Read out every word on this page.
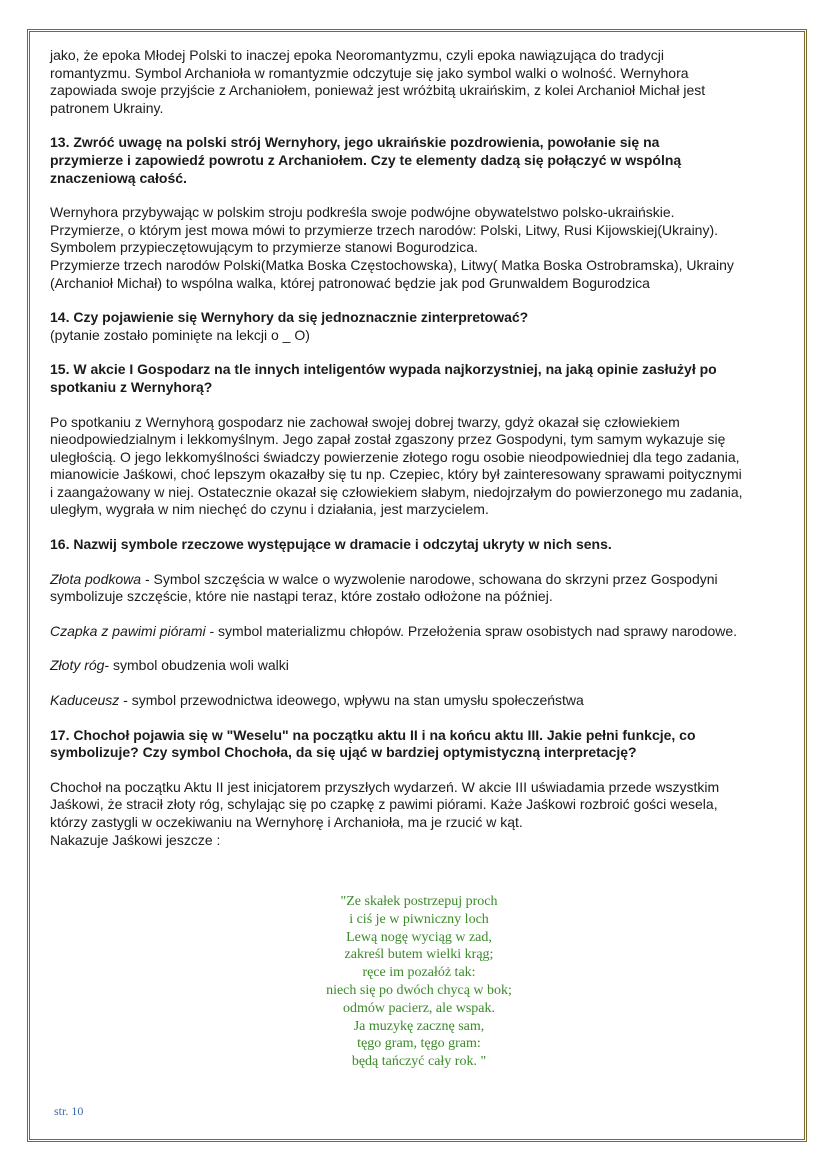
jako, że epoka Młodej Polski to inaczej epoka Neoromantyzmu, czyli epoka nawiązująca do tradycji
romantyzmu. Symbol Archanioła w romantyzmie odczytuje się jako symbol walki o wolność. Wernyhora
zapowiada swoje przyjście z Archaniołem, ponieważ jest wróżbitą ukraińskim, z kolei Archanioł Michał jest
patronem Ukrainy.

13. Zwróć uwagę na polski strój Wernyhory, jego ukraińskie pozdrowienia, powołanie się na
przymierze i zapowiedź powrotu z Archaniołem. Czy te elementy dadzą się połączyć w wspólną
znaczeniową całość.

Wernyhora przybywając w polskim stroju podkreśla swoje podwójne obywatelstwo polsko-ukraińskie.
Przymierze, o którym jest mowa mówi to przymierze trzech narodów: Polski, Litwy, Rusi Kijowskiej(Ukrainy).
Symbolem przypieczętowującym to przymierze stanowi Bogurodzica.
Przymierze trzech narodów Polski(Matka Boska Częstochowska), Litwy( Matka Boska Ostrobramska), Ukrainy
(Archanioł Michał) to wspólna walka, której patronować będzie jak pod Grunwaldem Bogurodzica

14. Czy pojawienie się Wernyhory da się jednoznacznie zinterpretować?
(pytanie zostało pominięte na lekcji o _ O)

15. W akcie I Gospodarz na tle innych inteligentów wypada najkorzystniej, na jaką opinie zasłużył po
spotkaniu z Wernyhorą?

Po spotkaniu z Wernyhorą gospodarz nie zachował swojej dobrej twarzy, gdyż okazał się człowiekiem
nieodpowiedzialnym i lekkomyślnym. Jego zapał został zgaszony przez Gospodyni, tym samym wykazuje się
uległością. O jego lekkomyślności świadczy powierzenie złotego rogu osobie nieodpowiedniej dla tego zadania,
mianowicie Jaśkowi, choć lepszym okazałby się tu np. Czepiec, który był zainteresowany sprawami poitycznymi
i zaangażowany w niej. Ostatecznie okazał się człowiekiem słabym, niedojrzałym do powierzonego mu zadania,
uległym, wygrała w nim niechęć do czynu i działania, jest marzycielem.

16. Nazwij symbole rzeczowe występujące w dramacie i odczytaj ukryty w nich sens.

Złota podkowa - Symbol szczęścia w walce o wyzwolenie narodowe, schowana do skrzyni przez Gospodyni
symbolizuje szczęście, które nie nastąpi teraz, które zostało odłożone na później.

Czapka z pawimi piórami - symbol materializmu chłopów. Przełożenia spraw osobistych nad sprawy narodowe.

Złoty róg- symbol obudzenia woli walki

Kaduceusz - symbol przewodnictwa ideowego, wpływu na stan umysłu społeczeństwa

17. Chochoł pojawia się w "Weselu" na początku aktu II i na końcu aktu III. Jakie pełni funkcje, co
symbolizuje? Czy symbol Chochoła, da się ująć w bardziej optymistyczną interpretację?

Chochoł na początku Aktu II jest inicjatorem przyszłych wydarzeń. W akcie III uświadamia przede wszystkim
Jaśkowi, że stracił złoty róg, schylając się po czapkę z pawimi piórami. Każe Jaśkowi rozbroić gości wesela,
którzy zastygli w oczekiwaniu na Wernyhorę i Archanioła, ma je rzucić w kąt.
Nakazuje Jaśkowi jeszcze :

"Ze skałek postrzepuj proch
i ciś je w piwniczny loch
Lewą nogę wyciąg w zad,
zakreśl butem wielki krąg;
ręce im pozałóż tak:
niech się po dwóch chycą w bok;
odmów pacierz, ale wspak.
Ja muzykę zacznę sam,
tęgo gram, tęgo gram:
będą tańczyć cały rok. "
str. 10
